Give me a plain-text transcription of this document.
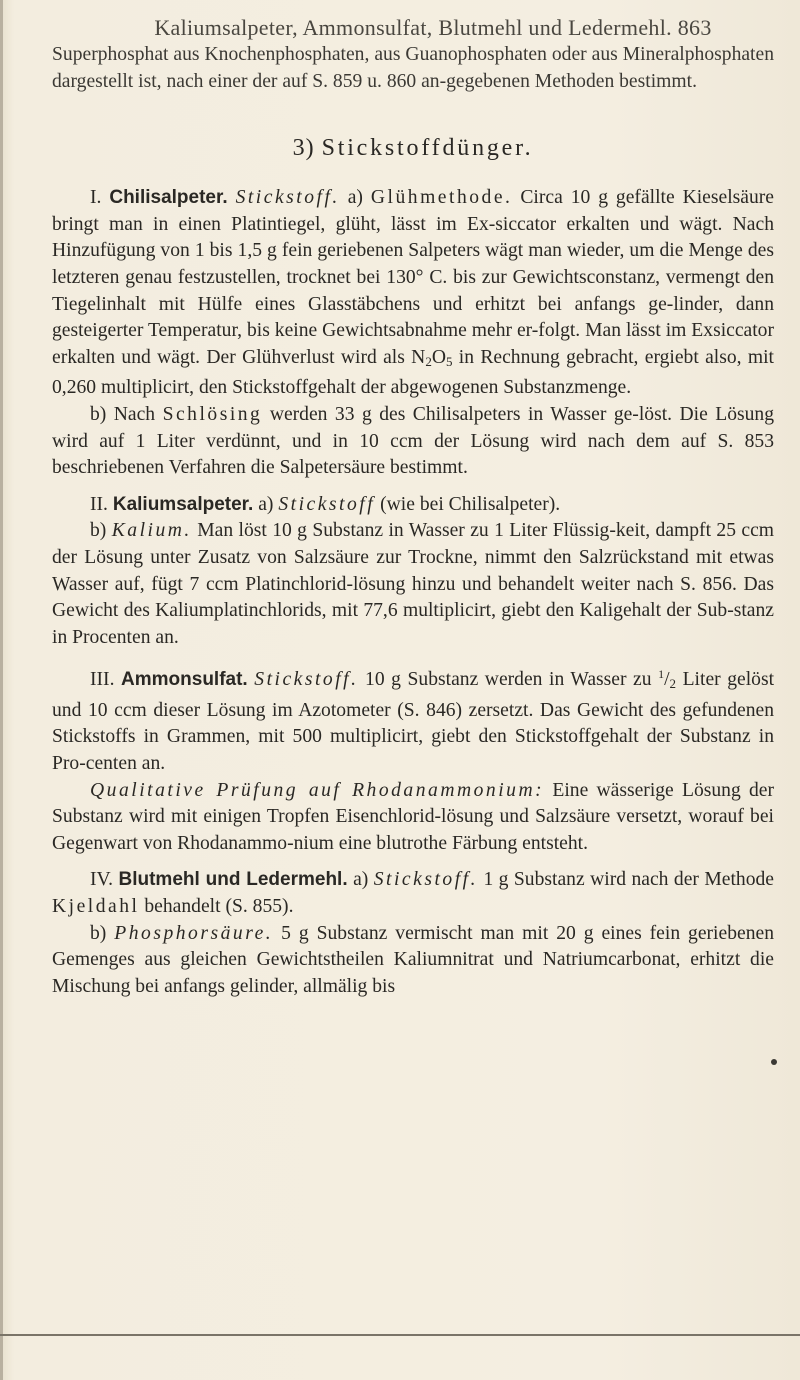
Kaliumsalpeter, Ammonsulfat, Blutmehl und Ledermehl. 863

Superphosphat aus Knochenphosphaten, aus Guanophosphaten oder aus Mineralphosphaten dargestellt ist, nach einer der auf S. 859 u. 860 an-gegebenen Methoden bestimmt.

3) Stickstoffdünger.

I. Chilisalpeter. Stickstoff. a) Glühmethode. Circa 10 g gefällte Kieselsäure bringt man in einen Platintiegel, glüht, lässt im Ex-siccator erkalten und wägt. Nach Hinzufügung von 1 bis 1,5 g fein geriebenen Salpeters wägt man wieder, um die Menge des letzteren genau festzustellen, trocknet bei 130° C. bis zur Gewichtsconstanz, vermengt den Tiegelinhalt mit Hülfe eines Glasstäbchens und erhitzt bei anfangs ge-linder, dann gesteigerter Temperatur, bis keine Gewichtsabnahme mehr er-folgt. Man lässt im Exsiccator erkalten und wägt. Der Glühverlust wird als $N_2O_5$ in Rechnung gebracht, ergiebt also, mit 0,260 multiplicirt, den Stickstoffgehalt der abgewogenen Substanzmenge.

b) Nach Schlösing werden 33 g des Chilisalpeters in Wasser ge-löst. Die Lösung wird auf 1 Liter verdünnt, und in 10 ccm der Lösung wird nach dem auf S. 853 beschriebenen Verfahren die Salpetersäure bestimmt.

II. Kaliumsalpeter. a) Stickstoff (wie bei Chilisalpeter).

b) Kalium. Man löst 10 g Substanz in Wasser zu 1 Liter Flüssig-keit, dampft 25 ccm der Lösung unter Zusatz von Salzsäure zur Trockne, nimmt den Salzrückstand mit etwas Wasser auf, fügt 7 ccm Platinchlorid-lösung hinzu und behandelt weiter nach S. 856. Das Gewicht des Kaliumplatinchlorids, mit 77,6 multiplicirt, giebt den Kaligehalt der Sub-stanz in Procenten an.

III. Ammonsulfat. Stickstoff. 10 g Substanz werden in Wasser zu $^1/_2$ Liter gelöst und 10 ccm dieser Lösung im Azotometer (S. 846) zersetzt. Das Gewicht des gefundenen Stickstoffs in Grammen, mit 500 multiplicirt, giebt den Stickstoffgehalt der Substanz in Pro-centen an.

Qualitative Prüfung auf Rhodanammonium: Eine wässerige Lösung der Substanz wird mit einigen Tropfen Eisenchlorid-lösung und Salzsäure versetzt, worauf bei Gegenwart von Rhodanammo-nium eine blutrothe Färbung entsteht.

IV. Blutmehl und Ledermehl. a) Stickstoff. 1 g Substanz wird nach der Methode Kjeldahl behandelt (S. 855).

b) Phosphorsäure. 5 g Substanz vermischt man mit 20 g eines fein geriebenen Gemenges aus gleichen Gewichtstheilen Kaliumnitrat und Natriumcarbonat, erhitzt die Mischung bei anfangs gelinder, allmälig bis
